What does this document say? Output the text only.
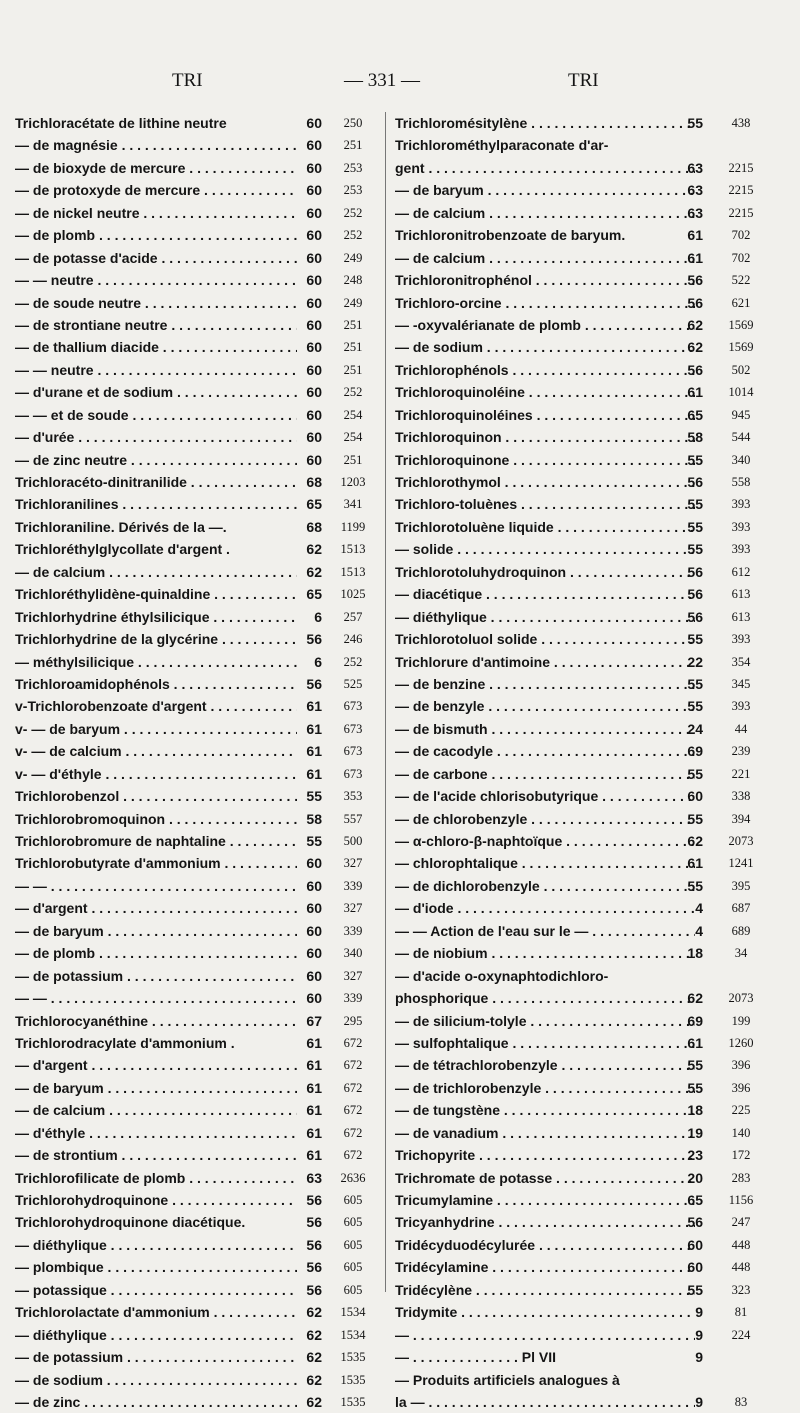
TRI	— 331 —	TRI
Trichloracétate de lithine neutre	60	250
— de magnésie . . .	60	251
— de bioxyde de mercure . . .	60	253
— de protoxyde de mercure . . .	60	253
— de nickel neutre . . .	60	252
— de plomb . . .	60	252
— de potasse d'acide . . .	60	249
— — neutre . . .	60	248
— de soude neutre . . .	60	249
— de strontiane neutre . . .	60	251
— de thallium diacide . . .	60	251
— — neutre . . .	60	251
— d'urane et de sodium . . .	60	252
— — et de soude . . .	60	254
— d'urée . . .	60	254
— de zinc neutre . . .	60	251
Trichloracéto-dinitranilide . . .	68	1203
Trichloranilines . . .	65	341
Trichloraniline. Dérivés de la —.	68	1199
Trichloréthylglycollate d'argent .	62	1513
— de calcium . . .	62	1513
Trichloréthylidène-quinaldine . . .	65	1025
Trichlorhydrine éthylsilicique . . .	6	257
Trichlorhydrine de la glycérine . . .	56	246
— méthylsilicique . . .	6	252
Trichloroamidophénols . . .	56	525
v-Trichlorobenzoate d'argent . . .	61	673
v- — de baryum . . .	61	673
v- — de calcium . . .	61	673
v- — d'éthyle . . .	61	673
Trichlorobenzol . . .	55	353
Trichlorobromoquinon . . .	58	557
Trichlorobromure de naphtaline . . .	55	500
Trichlorobutyrate d'ammonium . . .	60	327
— — . . .	60	339
— d'argent . . .	60	327
— de baryum . . .	60	339
— de plomb . . .	60	340
— de potassium . . .	60	327
— — . . .	60	339
Trichlorocyanéthine . . .	67	295
Trichlorodracylate d'ammonium .	61	672
— d'argent . . .	61	672
— de baryum . . .	61	672
— de calcium . . .	61	672
— d'éthyle . . .	61	672
— de strontium . . .	61	672
Trichlorofilicate de plomb . . .	63	2636
Trichlorohydroquinone . . .	56	605
Trichlorohydroquinone diacétique.	56	605
— diéthylique . . .	56	605
— plombique . . .	56	605
— potassique . . .	56	605
Trichlorolactate d'ammonium . . .	62	1534
— diéthylique . . .	62	1534
— de potassium . . .	62	1535
— de sodium . . .	62	1535
— de zinc . . .	62	1535
Trichloromésitylène . . .	55	438
Trichlorométhylparaconate d'ar-
gent . . .	63	2215
— de baryum . . .	63	2215
— de calcium . . .	63	2215
Trichloronitrobenzoate de baryum.	61	702
— de calcium . . .	61	702
Trichloronitrophénol . . .	56	522
Trichloro-orcine . . .	56	621
— -oxyvalérianate de plomb . . .	62	1569
— de sodium . . .	62	1569
Trichlorophénols . . .	56	502
Trichloroquinoléine . . .	61	1014
Trichloroquinoléines . . .	65	945
Trichloroquinon . . .	58	544
Trichloroquinone . . .	55	340
Trichlorothymol . . .	56	558
Trichloro-toluènes . . .	55	393
Trichlorotoluène liquide . . .	55	393
— solide . . .	55	393
Trichlorotoluhydroquinon . . .	56	612
— diacétique . . .	56	613
— diéthylique . . .	56	613
Trichlorotoluol solide . . .	55	393
Trichlorure d'antimoine . . .	22	354
— de benzine . . .	55	345
— de benzyle . . .	55	393
— de bismuth . . .	24	44
— de cacodyle . . .	69	239
— de carbone . . .	55	221
— de l'acide chlorisobutyrique . . .	60	338
— de chlorobenzyle . . .	55	394
— α-chloro-β-naphtoïque . . .	62	2073
— chlorophtalique . . .	61	1241
— de dichlorobenzyle . . .	55	395
— d'iode . . .	4	687
— — Action de l'eau sur le — . . .	4	689
— de niobium . . .	18	34
— d'acide o-oxynaphtodichloro-
phosphorique . . .	62	2073
— de silicium-tolyle . . .	69	199
— sulfophtalique . . .	61	1260
— de tétrachlorobenzyle . . .	55	396
— de trichlorobenzyle . . .	55	396
— de tungstène . . .	18	225
— de vanadium . . .	19	140
Trichopyrite . . .	23	172
Trichromate de potasse . . .	20	283
Tricumylamine . . .	65	1156
Tricyanhydrine . . .	56	247
Tridécyduodécylurée . . .	60	448
Tridécylamine . . .	60	448
Tridécylène . . .	55	323
Tridymite . . .	9	81
— . . .	9	224
— . . . . . . . . . . . . . . Pl VII	9
— Produits artificiels analogues à
la — . . .	9	83
